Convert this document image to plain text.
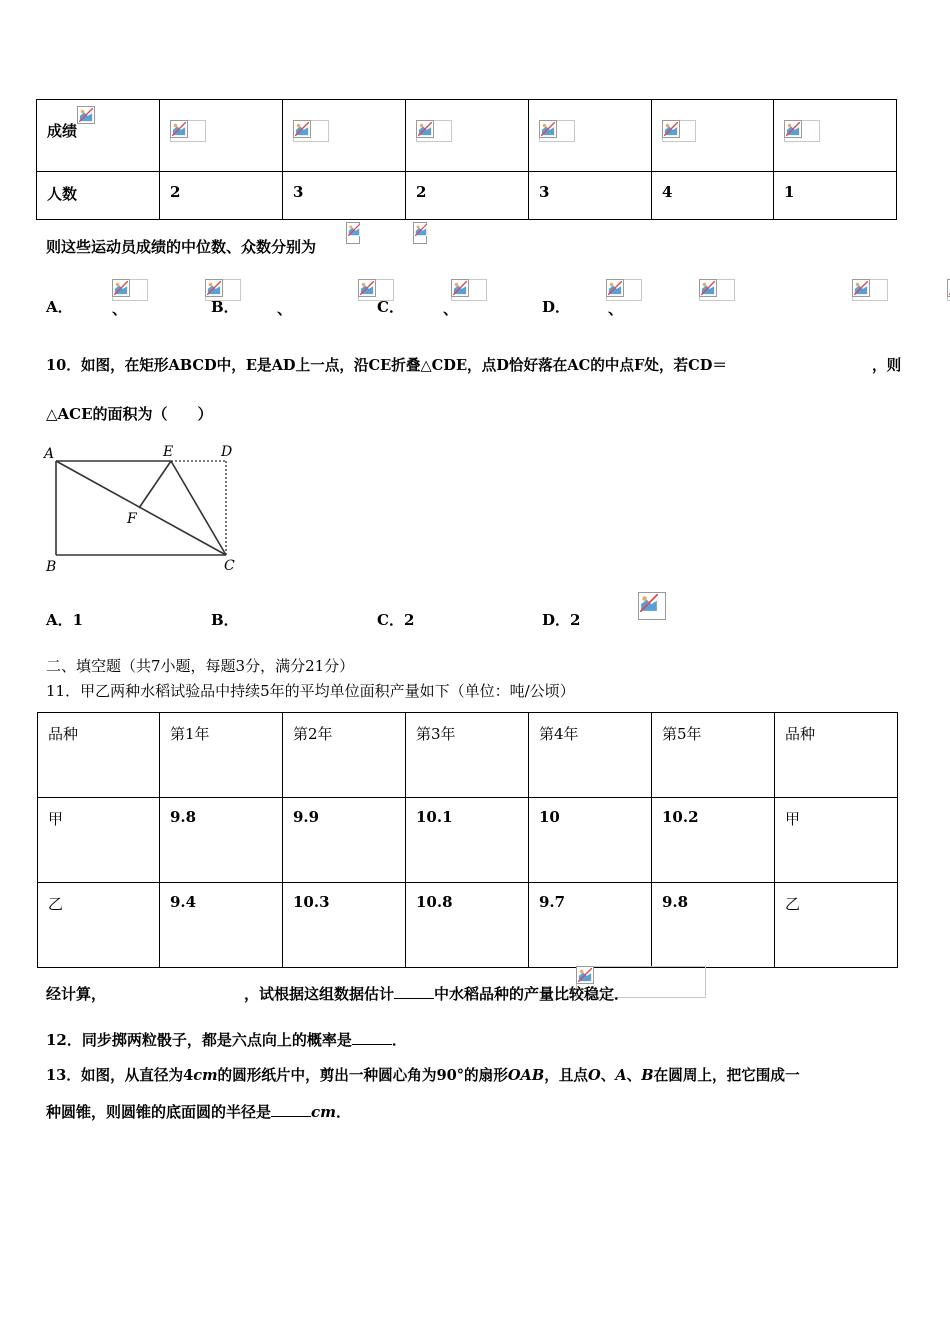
成绩

人数	2	3	2	3	4	1
则这些运动员成绩的中位数、众数分别为

A．
	、
	B．
	、
	C．
	、
	D．
	、

10．如图，在矩形ABCD中，E是AD上一点，沿CE折叠△CDE，点D恰好落在AC的中点F处，若CD＝
	，则
△ACE的面积为（　　）
A	E	D
F
B	C
A．1	B．
	C．2	D．2

二、填空题（共7小题，每题3分，满分21分）
11．甲乙两种水稻试验品中持续5年的平均单位面积产量如下（单位：吨/公顷）
品种	第1年	第2年	第3年	第4年	第5年	品种
甲	9.8	9.9	10.1	10	10.2	甲
乙	9.4	10.3	10.8	9.7	9.8	乙
经计算，	，试根据这组数据估计	中水稻品种的产量比较稳定．
12．同步掷两粒骰子，都是六点向上的概率是	．
13．如图，从直径为4cm的圆形纸片中，剪出一种圆心角为90°的扇形OAB，且点O、A、B在圆周上，把它围成一
种圆锥，则圆锥的底面圆的半径是	cm．
